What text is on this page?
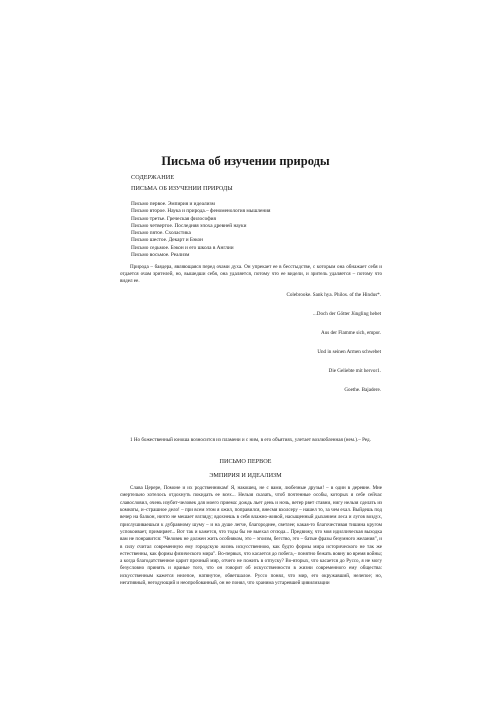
Письма об изучении природы
СОДЕРЖАНИЕ
ПИСЬМА ОБ ИЗУЧЕНИИ ПРИРОДЫ
Письмо первое. Эмпирия и идеализм
Письмо второе. Наука и природа.– феноменология мышления
Письмо третье. Греческая философия
Письмо четвертое. Последняя эпоха древней науки
Письмо пятое. Схоластика
Письмо шестое. Декарт и Бэкон
Письмо седьмое. Бэкон и его школа в Англии
Письмо восьмое. Реализм
Природа – баядера, являющаяся перед очами духа. Он упрекает ее в бесстыдстве, с которым она обнажает себя и отдается очам зрителей, но, вышедши себя, она удаляется, потому что ее видели, и зритель удаляется – потому что видел ее.
Colebrooke. Sank hya. Philos. of the Hindus*.
...Doch der Götter Jüngling hebet
Aus der Flamme sich, empor.
Und in seinen Armen schwebet
Die Geliebte mit hervor1.
Goethe. Bajadere.
1 Но божественный юноша возносится из пламени и с ним, в его объятиях, улетает возлюбленная (нем.).– Ред.
ПИСЬМО ПЕРВОЕ
ЭМПИРИЯ И ИДЕАЛИЗМ
Слава Церере, Помоне и их родственникам! Я, накошец, не с вами, любезные друзья! – в один в деревне. Мне смертельно хотелось отдохнуть покидать ее всех... Нельзя сказать, чтоб почтенные особы, которых я себе сейчас славословил, очень изубит-человек для моего приема: дождь льет день и ночь, ветер рвет ставни, нигу нельзя сделать из комнаты, и–страшное дело! – при всем этом я ожил, поправился, внесмя вхолсеру – нашел то, за чем ехал. Выйдешь под вечер на балкон, ничто не мешает взгляду; вдохнешь в себя влажно-живой, насыщенный дыханием леса и лугов воздух, прислушиваешься к дубравному шуму – и на душе легче, благороднее, светлее; какая-то благочестивая тишина кругом успокоивает, примиряет... Вот так и кажется, что тоды бы не выехал отсюда... Предвижу, что моя идиллическая выходка вам не понравится: "Человек не должен жить особняком, это – эгоизм, бегство, это – батые фразы безумного желания", и в силу считал современную ему городскую жизнь искусственною, как будто формы мира исторического не так же естественны, как формы физического мира". Во-первых, что касается до побега,– понятно бежать вовну во время войны; а когда благодатственное царит прочный мир, отчего не пожить в отпуску? Во-вторых, что касается до Руссо, я не могу безусловно принять и враные того, что он говорит об искусственности в жизни современного ему общества: искусственным кажется нелепое, натянутое, обветшалое. Руссо понял, что мир, его окружавший, нелепое; но, негативный, негодующий и неопробованный, он не понял, что хранима устаревшей цивилизации
